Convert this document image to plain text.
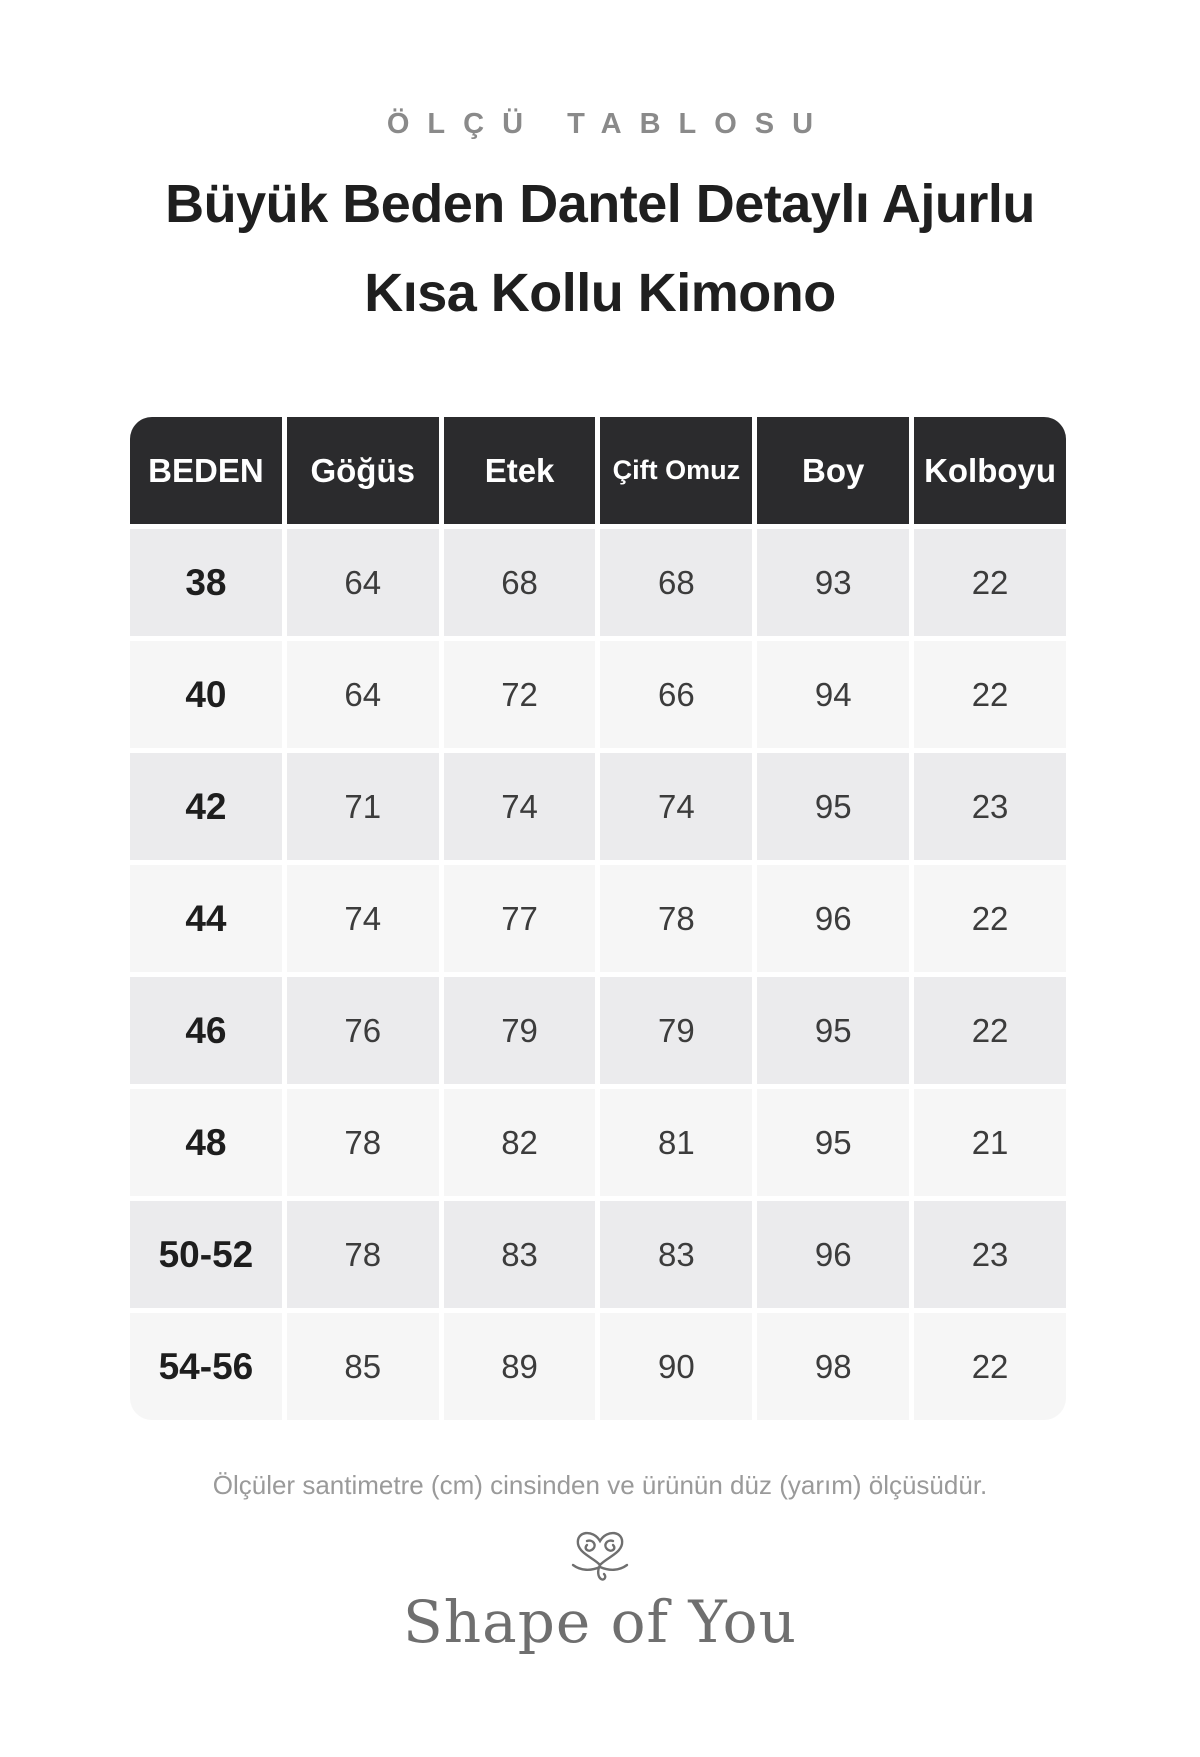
ÖLÇÜ TABLOSU
Büyük Beden Dantel Detaylı Ajurlu
Kısa Kollu Kimono
BEDEN	Göğüs	Etek	Çift Omuz	Boy	Kolboyu
38	64	68	68	93	22
40	64	72	66	94	22
42	71	74	74	95	23
44	74	77	78	96	22
46	76	79	79	95	22
48	78	82	81	95	21
50-52	78	83	83	96	23
54-56	85	89	90	98	22
Ölçüler santimetre (cm) cinsinden ve ürünün düz (yarım) ölçüsüdür.
Shape of You
